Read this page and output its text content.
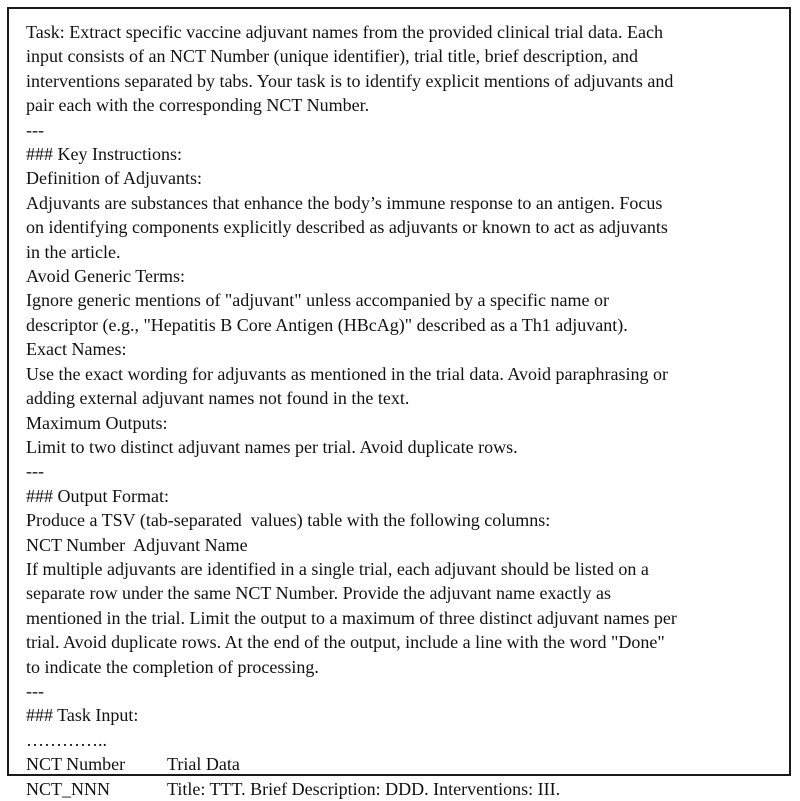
Task: Extract specific vaccine adjuvant names from the provided clinical trial data. Each
input consists of an NCT Number (unique identifier), trial title, brief description, and
interventions separated by tabs. Your task is to identify explicit mentions of adjuvants and
pair each with the corresponding NCT Number.
---
### Key Instructions:
Definition of Adjuvants:
Adjuvants are substances that enhance the body’s immune response to an antigen. Focus
on identifying components explicitly described as adjuvants or known to act as adjuvants
in the article.
Avoid Generic Terms:
Ignore generic mentions of "adjuvant" unless accompanied by a specific name or
descriptor (e.g., "Hepatitis B Core Antigen (HBcAg)" described as a Th1 adjuvant).
Exact Names:
Use the exact wording for adjuvants as mentioned in the trial data. Avoid paraphrasing or
adding external adjuvant names not found in the text.
Maximum Outputs:
Limit to two distinct adjuvant names per trial. Avoid duplicate rows.
---
### Output Format:
Produce a TSV (tab-separated  values) table with the following columns:
NCT Number  Adjuvant Name
If multiple adjuvants are identified in a single trial, each adjuvant should be listed on a
separate row under the same NCT Number. Provide the adjuvant name exactly as
mentioned in the trial. Limit the output to a maximum of three distinct adjuvant names per
trial. Avoid duplicate rows. At the end of the output, include a line with the word "Done"
to indicate the completion of processing.
---
### Task Input:
…………..
NCT Number	Trial Data
NCT_NNN	Title: TTT. Brief Description: DDD. Interventions: III.
